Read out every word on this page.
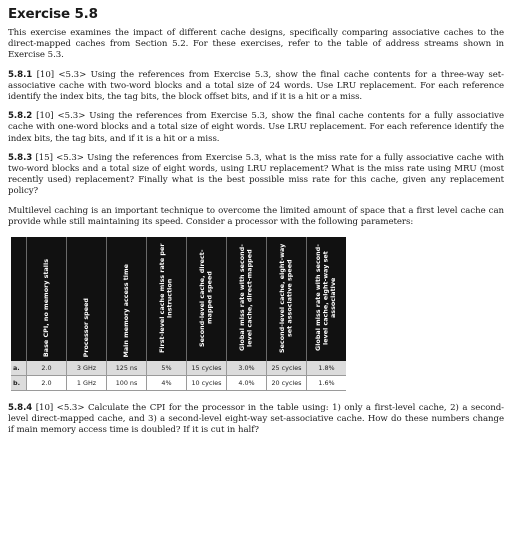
Exercise 5.8

This exercise examines the impact of different cache designs, specifically comparing associative caches to the direct-mapped caches from Section 5.2. For these exercises, refer to the table of address streams shown in Exercise 5.3.

5.8.1 [10] <5.3> Using the references from Exercise 5.3, show the final cache contents for a three-way set-associative cache with two-word blocks and a total size of 24 words. Use LRU replacement. For each reference identify the index bits, the tag bits, the block offset bits, and if it is a hit or a miss.

5.8.2 [10] <5.3> Using the references from Exercise 5.3, show the final cache contents for a fully associative cache with one-word blocks and a total size of eight words. Use LRU replacement. For each reference identify the index bits, the tag bits, and if it is a hit or a miss.

5.8.3 [15] <5.3> Using the references from Exercise 5.3, what is the miss rate for a fully associative cache with two-word blocks and a total size of eight words, using LRU replacement? What is the miss rate using MRU (most recently used) replacement? Finally what is the best possible miss rate for this cache, given any replacement policy?

Multilevel caching is an important technique to overcome the limited amount of space that a first level cache can provide while still maintaining its speed. Consider a processor with the following parameters:

	Base CPI, no memory stalls	Processor speed	Main memory access time	First-level cache miss rate per instruction	Second-level cache, direct-mapped speed	Global miss rate with second-level cache, direct-mapped	Second-level cache, eight-way set associative speed	Global miss rate with second-level cache, eight-way set associative

a.	2.0	3 GHz	125 ns	5%	15 cycles	3.0%	25 cycles	1.8%
b.	2.0	1 GHz	100 ns	4%	10 cycles	4.0%	20 cycles	1.6%

5.8.4 [10] <5.3> Calculate the CPI for the processor in the table using: 1) only a first-level cache, 2) a second-level direct-mapped cache, and 3) a second-level eight-way set-associative cache. How do these numbers change if main memory access time is doubled? If it is cut in half?
